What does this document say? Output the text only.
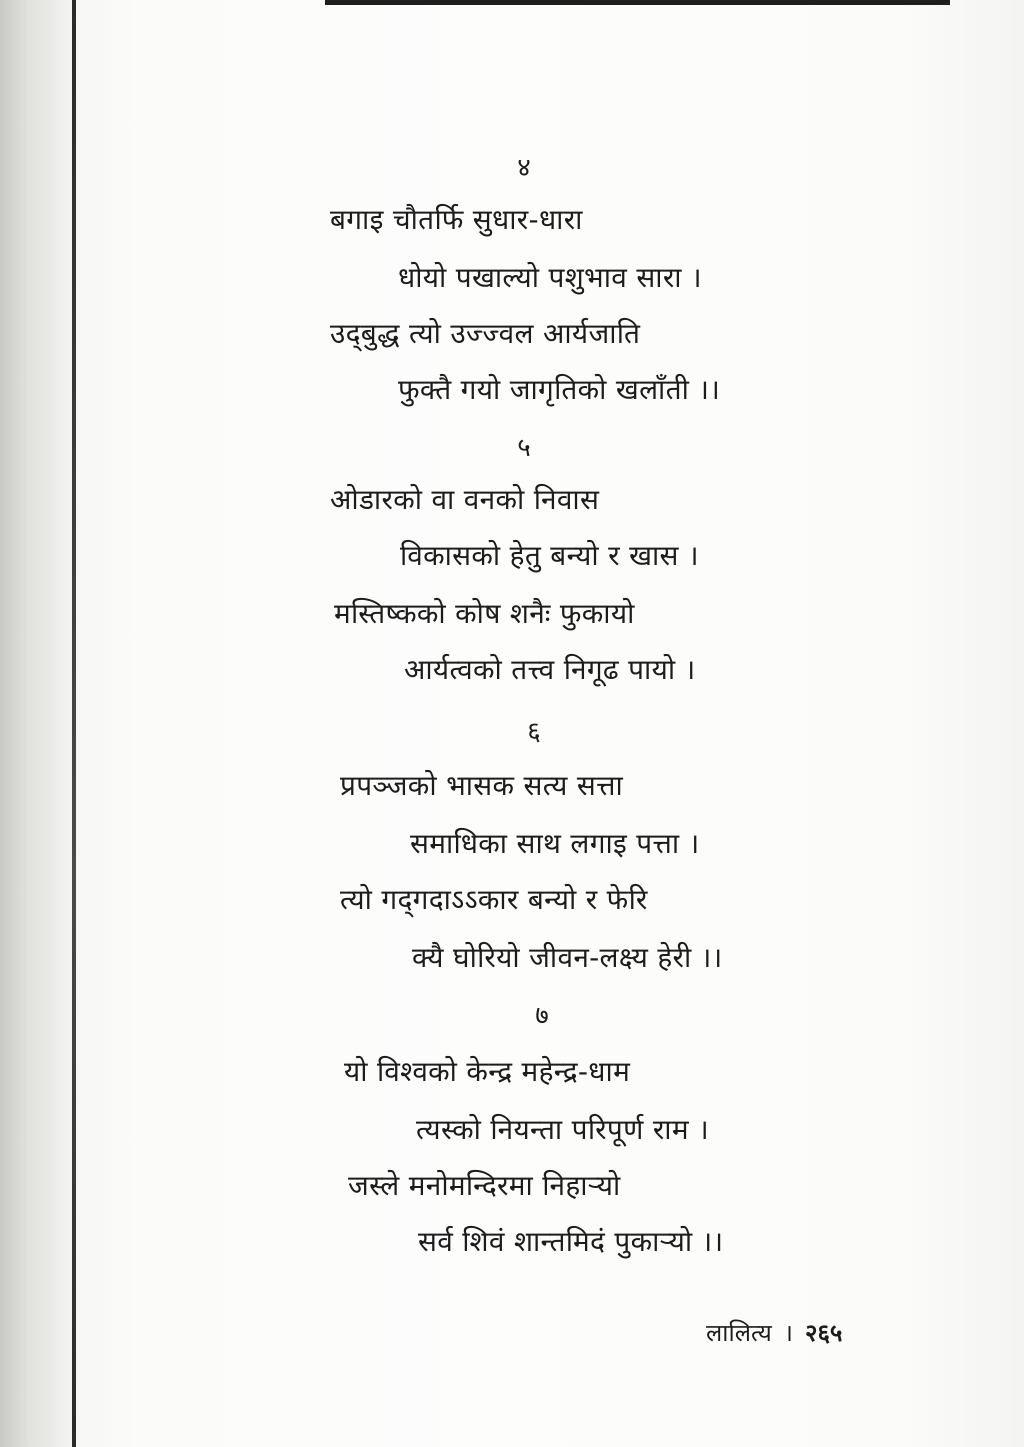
४
बगाइ चौतर्फि सुधार-धारा
धोयो पखाल्यो पशुभाव सारा ।
उद्‍बुद्ध त्यो उज्ज्वल आर्यजाति
फुक्तै गयो जागृतिको खलाँती ।।
५
ओडारको वा वनको निवास
विकासको हेतु बन्यो र खास ।
मस्तिष्कको कोष शनैः फुकायो
आर्यत्वको तत्त्व निगूढ पायो ।
६
प्रपञ्जको भासक सत्य सत्ता
समाधिका साथ लगाइ पत्ता ।
त्यो गद्‌गदाऽऽकार बन्यो र फेरि
क्यै घोरियो जीवन-लक्ष्य हेरी ।।
७
यो विश्वको केन्द्र महेन्द्र-धाम
त्यस्को नियन्ता परिपूर्ण राम ।
जस्ले मनोमन्दिरमा निहाऱ्यो
सर्व शिवं शान्तमिदं पुकाऱ्यो ।।
लालित्य । २६५
